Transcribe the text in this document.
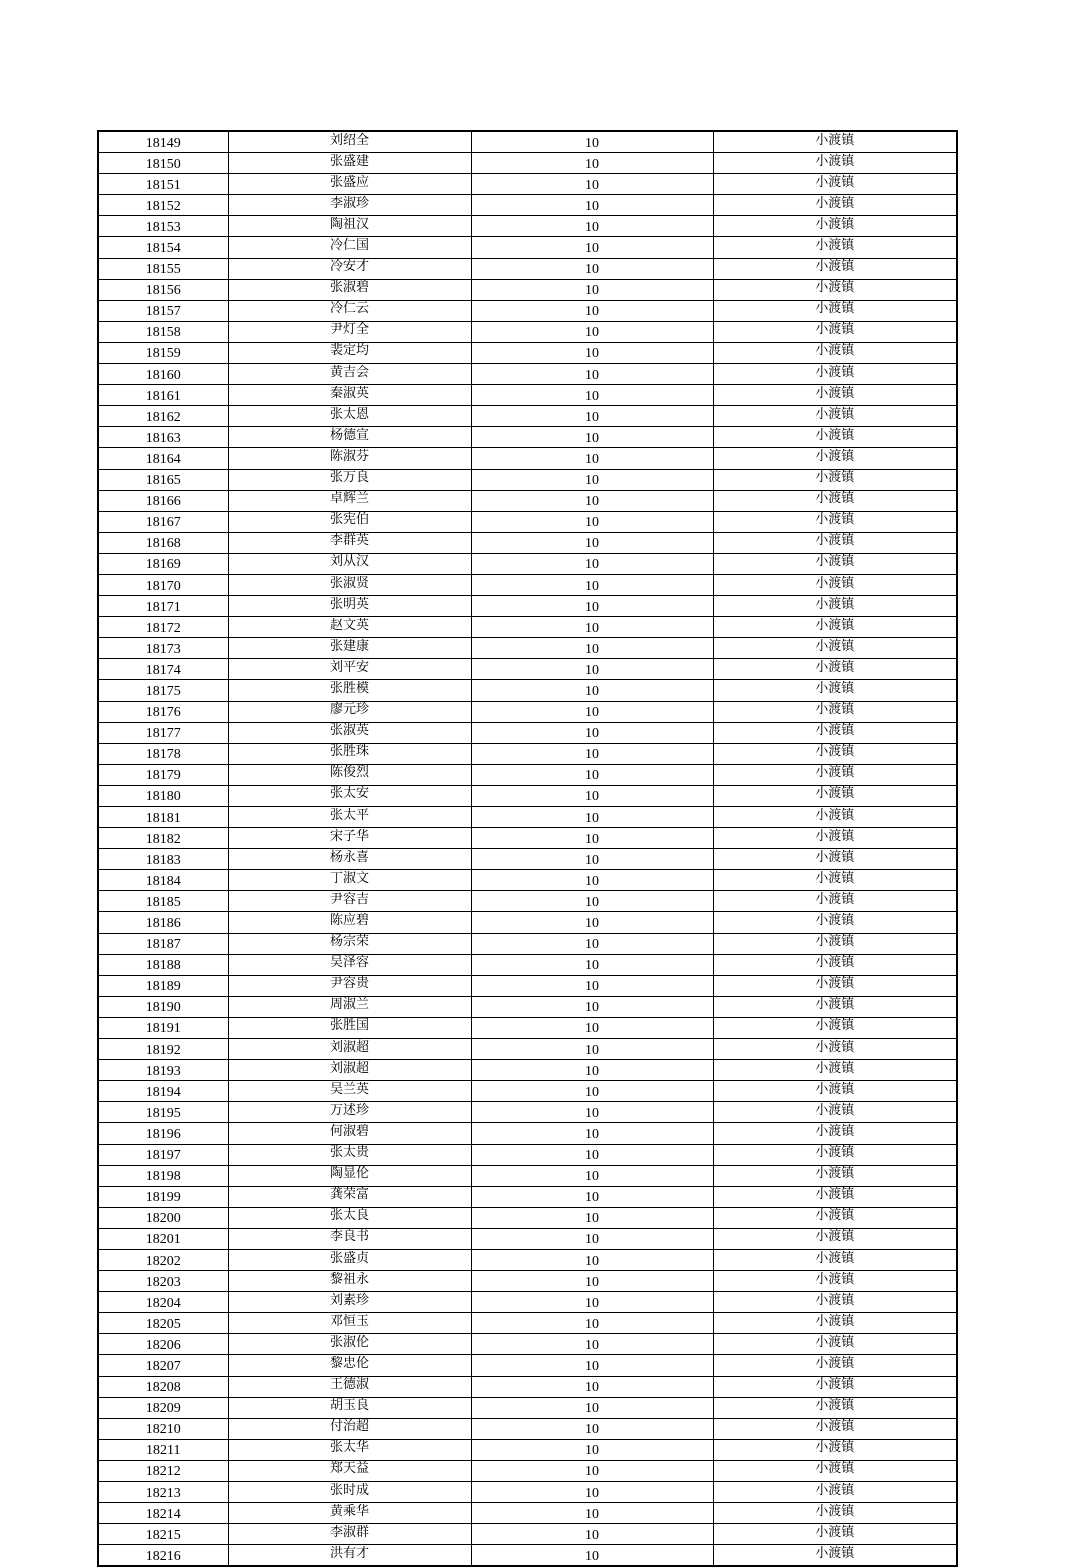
18149	刘绍全	10	小渡镇
18150	张盛建	10	小渡镇
18151	张盛应	10	小渡镇
18152	李淑珍	10	小渡镇
18153	陶祖汉	10	小渡镇
18154	冷仁国	10	小渡镇
18155	冷安才	10	小渡镇
18156	张淑碧	10	小渡镇
18157	冷仁云	10	小渡镇
18158	尹灯全	10	小渡镇
18159	裴定均	10	小渡镇
18160	黄吉会	10	小渡镇
18161	秦淑英	10	小渡镇
18162	张太恩	10	小渡镇
18163	杨德宣	10	小渡镇
18164	陈淑芬	10	小渡镇
18165	张万良	10	小渡镇
18166	卓辉兰	10	小渡镇
18167	张宪伯	10	小渡镇
18168	李群英	10	小渡镇
18169	刘从汉	10	小渡镇
18170	张淑贤	10	小渡镇
18171	张明英	10	小渡镇
18172	赵文英	10	小渡镇
18173	张建康	10	小渡镇
18174	刘平安	10	小渡镇
18175	张胜模	10	小渡镇
18176	廖元珍	10	小渡镇
18177	张淑英	10	小渡镇
18178	张胜珠	10	小渡镇
18179	陈俊烈	10	小渡镇
18180	张太安	10	小渡镇
18181	张太平	10	小渡镇
18182	宋子华	10	小渡镇
18183	杨永喜	10	小渡镇
18184	丁淑文	10	小渡镇
18185	尹容吉	10	小渡镇
18186	陈应碧	10	小渡镇
18187	杨宗荣	10	小渡镇
18188	吴泽容	10	小渡镇
18189	尹容贵	10	小渡镇
18190	周淑兰	10	小渡镇
18191	张胜国	10	小渡镇
18192	刘淑超	10	小渡镇
18193	刘淑超	10	小渡镇
18194	吴兰英	10	小渡镇
18195	万述珍	10	小渡镇
18196	何淑碧	10	小渡镇
18197	张太贵	10	小渡镇
18198	陶显伦	10	小渡镇
18199	龚荣富	10	小渡镇
18200	张太良	10	小渡镇
18201	李良书	10	小渡镇
18202	张盛贞	10	小渡镇
18203	黎祖永	10	小渡镇
18204	刘素珍	10	小渡镇
18205	邓恒玉	10	小渡镇
18206	张淑伦	10	小渡镇
18207	黎忠伦	10	小渡镇
18208	王德淑	10	小渡镇
18209	胡玉良	10	小渡镇
18210	付治超	10	小渡镇
18211	张太华	10	小渡镇
18212	郑天益	10	小渡镇
18213	张时成	10	小渡镇
18214	黄乘华	10	小渡镇
18215	李淑群	10	小渡镇
18216	洪有才	10	小渡镇
